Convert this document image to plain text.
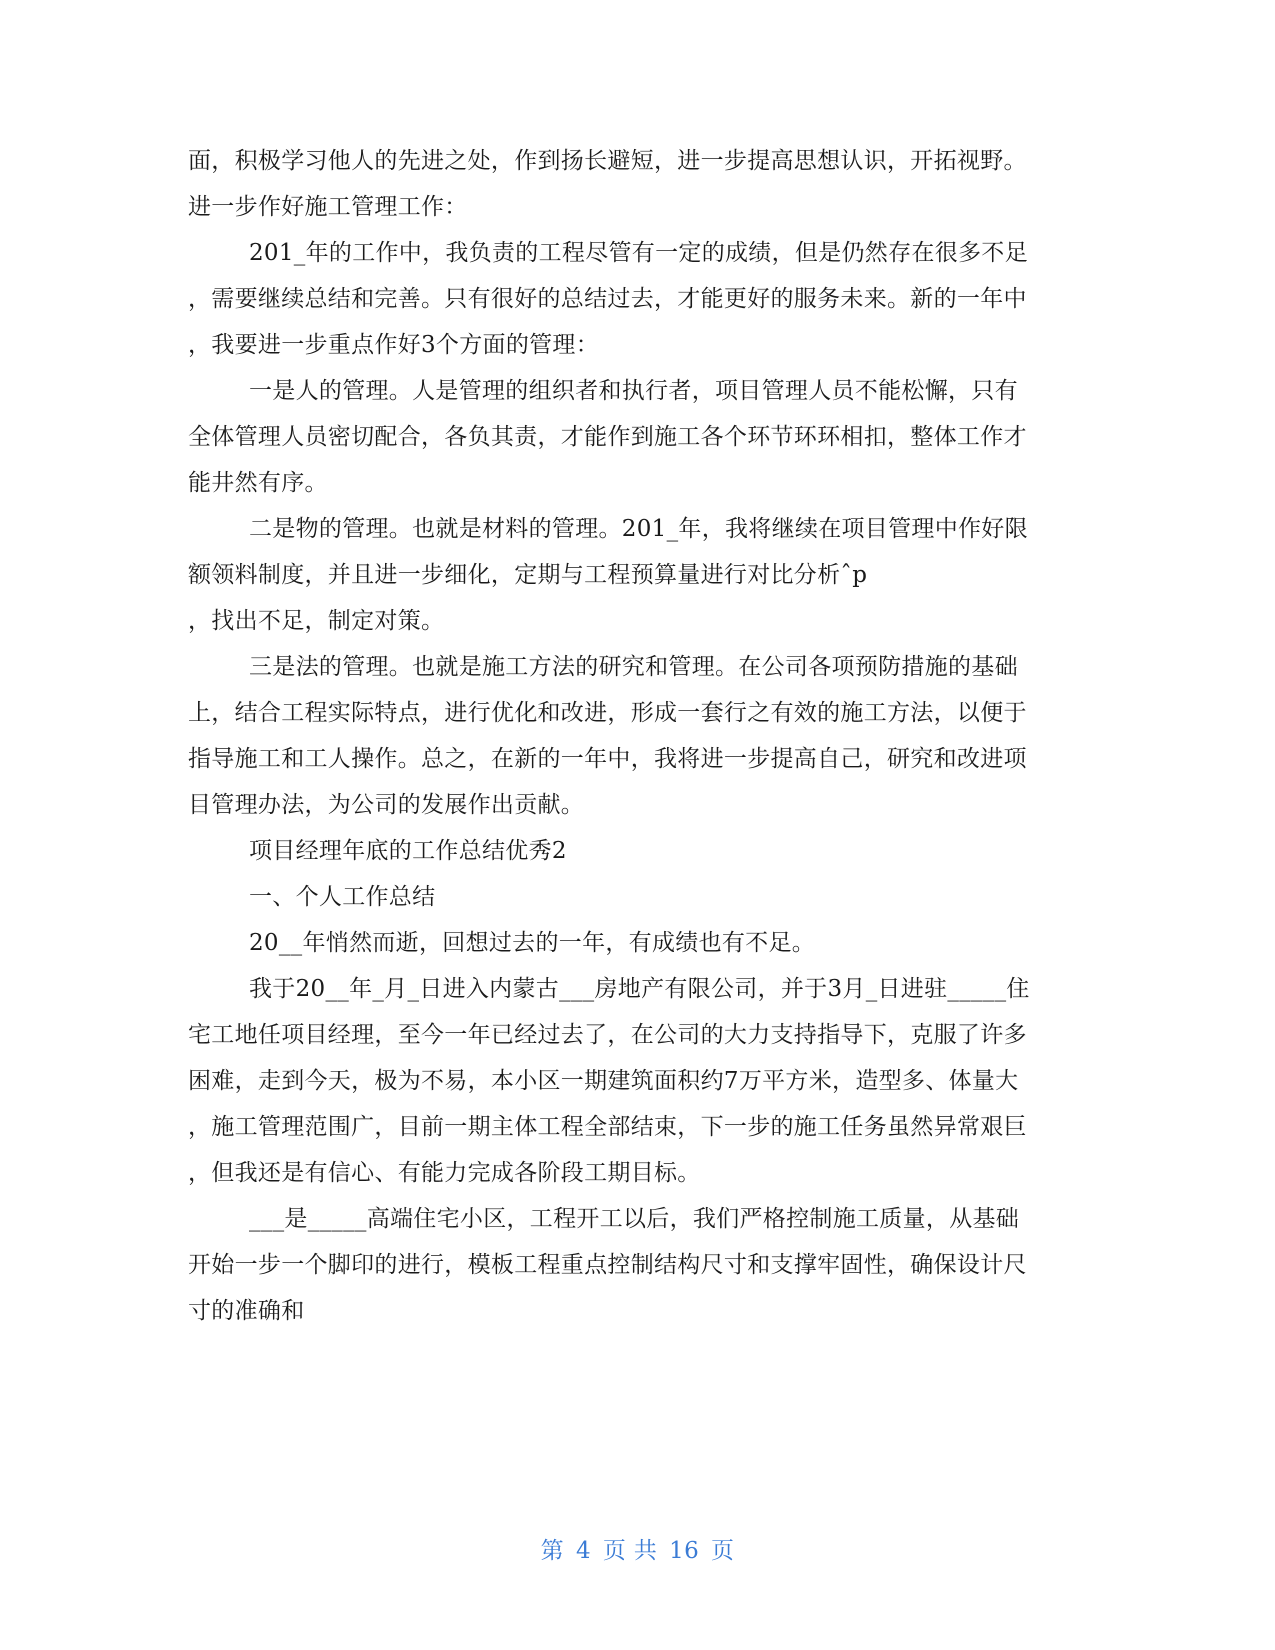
面，积极学习他人的先进之处，作到扬长避短，进一步提高思想认识，开拓视野。
进一步作好施工管理工作：
201_年的工作中，我负责的工程尽管有一定的成绩，但是仍然存在很多不足
，需要继续总结和完善。只有很好的总结过去，才能更好的服务未来。新的一年中
，我要进一步重点作好3个方面的管理：
一是人的管理。人是管理的组织者和执行者，项目管理人员不能松懈，只有
全体管理人员密切配合，各负其责，才能作到施工各个环节环环相扣，整体工作才
能井然有序。
二是物的管理。也就是材料的管理。201_年，我将继续在项目管理中作好限
额领料制度，并且进一步细化，定期与工程预算量进行对比分析ˆp
，找出不足，制定对策。
三是法的管理。也就是施工方法的研究和管理。在公司各项预防措施的基础
上，结合工程实际特点，进行优化和改进，形成一套行之有效的施工方法，以便于
指导施工和工人操作。总之，在新的一年中，我将进一步提高自己，研究和改进项
目管理办法，为公司的发展作出贡献。
项目经理年底的工作总结优秀2
一、个人工作总结
20__年悄然而逝，回想过去的一年，有成绩也有不足。
我于20__年_月_日进入内蒙古___房地产有限公司，并于3月_日进驻_____住
宅工地任项目经理，至今一年已经过去了，在公司的大力支持指导下，克服了许多
困难，走到今天，极为不易，本小区一期建筑面积约7万平方米，造型多、体量大
，施工管理范围广，目前一期主体工程全部结束，下一步的施工任务虽然异常艰巨
，但我还是有信心、有能力完成各阶段工期目标。
___是_____高端住宅小区，工程开工以后，我们严格控制施工质量，从基础
开始一步一个脚印的进行，模板工程重点控制结构尺寸和支撑牢固性，确保设计尺
寸的准确和
第 4 页 共 16 页
